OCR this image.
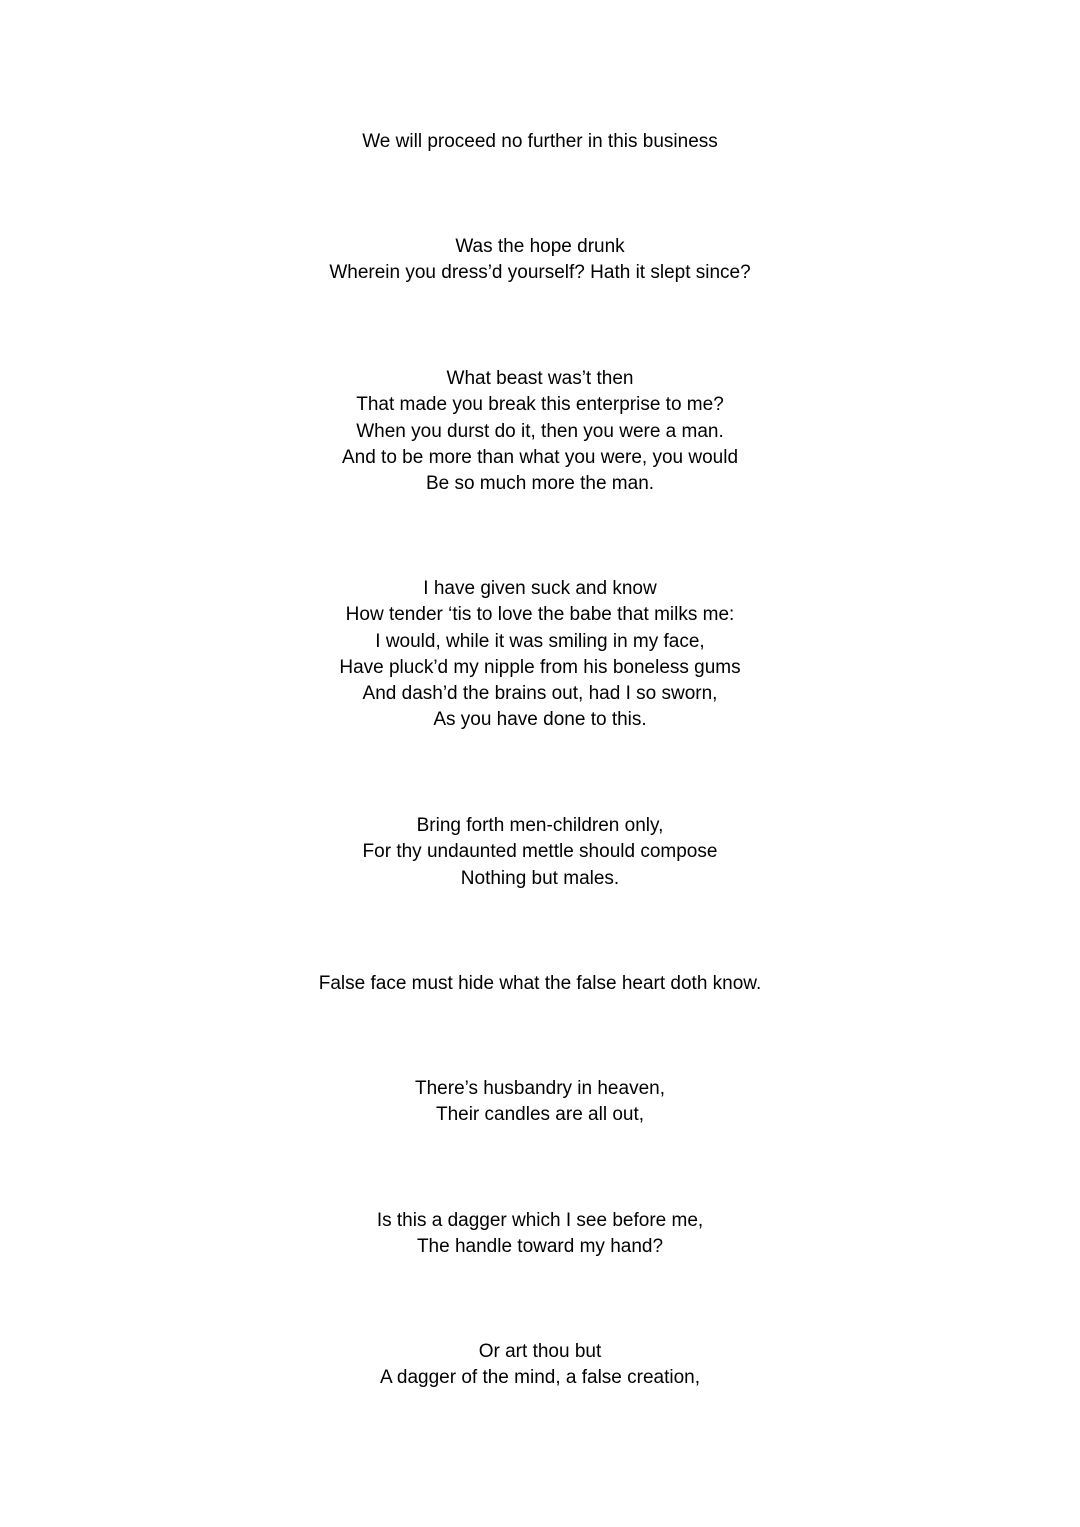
We will proceed no further in this business
Was the hope drunk
Wherein you dress’d yourself? Hath it slept since?
What beast was’t then
That made you break this enterprise to me?
When you durst do it, then you were a man.
And to be more than what you were, you would
Be so much more the man.
I have given suck and know
How tender ‘tis to love the babe that milks me:
I would, while it was smiling in my face,
Have pluck’d my nipple from his boneless gums
And dash’d the brains out, had I so sworn,
As you have done to this.
Bring forth men-children only,
For thy undaunted mettle should compose
Nothing but males.
False face must hide what the false heart doth know.
There’s husbandry in heaven,
Their candles are all out,
Is this a dagger which I see before me,
The handle toward my hand?
Or art thou but
A dagger of the mind, a false creation,
